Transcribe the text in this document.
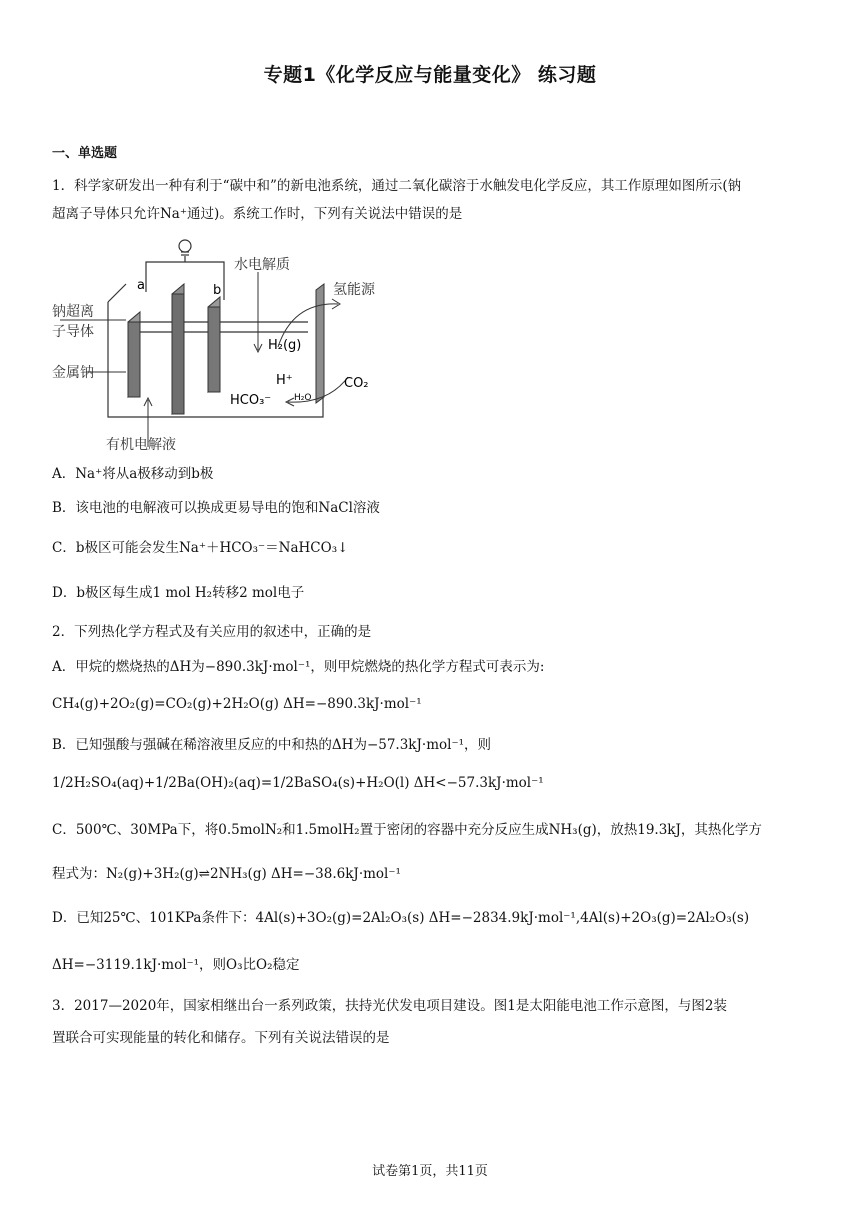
专题1《化学反应与能量变化》 练习题
一、单选题
1．科学家研发出一种有利于“碳中和”的新电池系统，通过二氧化碳溶于水触发电化学反应，其工作原理如图所示(钠
超离子导体只允许Na⁺通过)。系统工作时，下列有关说法中错误的是
a	b
水电解质
氢能源
钠超离
子导体
金属钠
H₂(g)
H⁺	CO₂
HCO₃⁻	H₂O
有机电解液
A．Na⁺将从a极移动到b极
B．该电池的电解液可以换成更易导电的饱和NaCl溶液
C．b极区可能会发生Na⁺＋HCO₃⁻＝NaHCO₃↓
D．b极区每生成1 mol H₂转移2 mol电子
2．下列热化学方程式及有关应用的叙述中，正确的是
A．甲烷的燃烧热的ΔH为−890.3kJ·mol⁻¹，则甲烷燃烧的热化学方程式可表示为:
CH₄(g)+2O₂(g)=CO₂(g)+2H₂O(g) ΔH=−890.3kJ·mol⁻¹
B．已知强酸与强碱在稀溶液里反应的中和热的ΔH为−57.3kJ·mol⁻¹，则
1/2H₂SO₄(aq)+1/2Ba(OH)₂(aq)=1/2BaSO₄(s)+H₂O(l) ΔH<−57.3kJ·mol⁻¹
C．500℃、30MPa下，将0.5molN₂和1.5molH₂置于密闭的容器中充分反应生成NH₃(g)，放热19.3kJ，其热化学方
程式为：N₂(g)+3H₂(g)⇌2NH₃(g) ΔH=−38.6kJ·mol⁻¹
D．已知25℃、101KPa条件下：4Al(s)+3O₂(g)=2Al₂O₃(s) ΔH=−2834.9kJ·mol⁻¹,4Al(s)+2O₃(g)=2Al₂O₃(s)
ΔH=−3119.1kJ·mol⁻¹，则O₃比O₂稳定
3．2017—2020年，国家相继出台一系列政策，扶持光伏发电项目建设。图1是太阳能电池工作示意图，与图2装
置联合可实现能量的转化和储存。下列有关说法错误的是
试卷第1页，共11页
